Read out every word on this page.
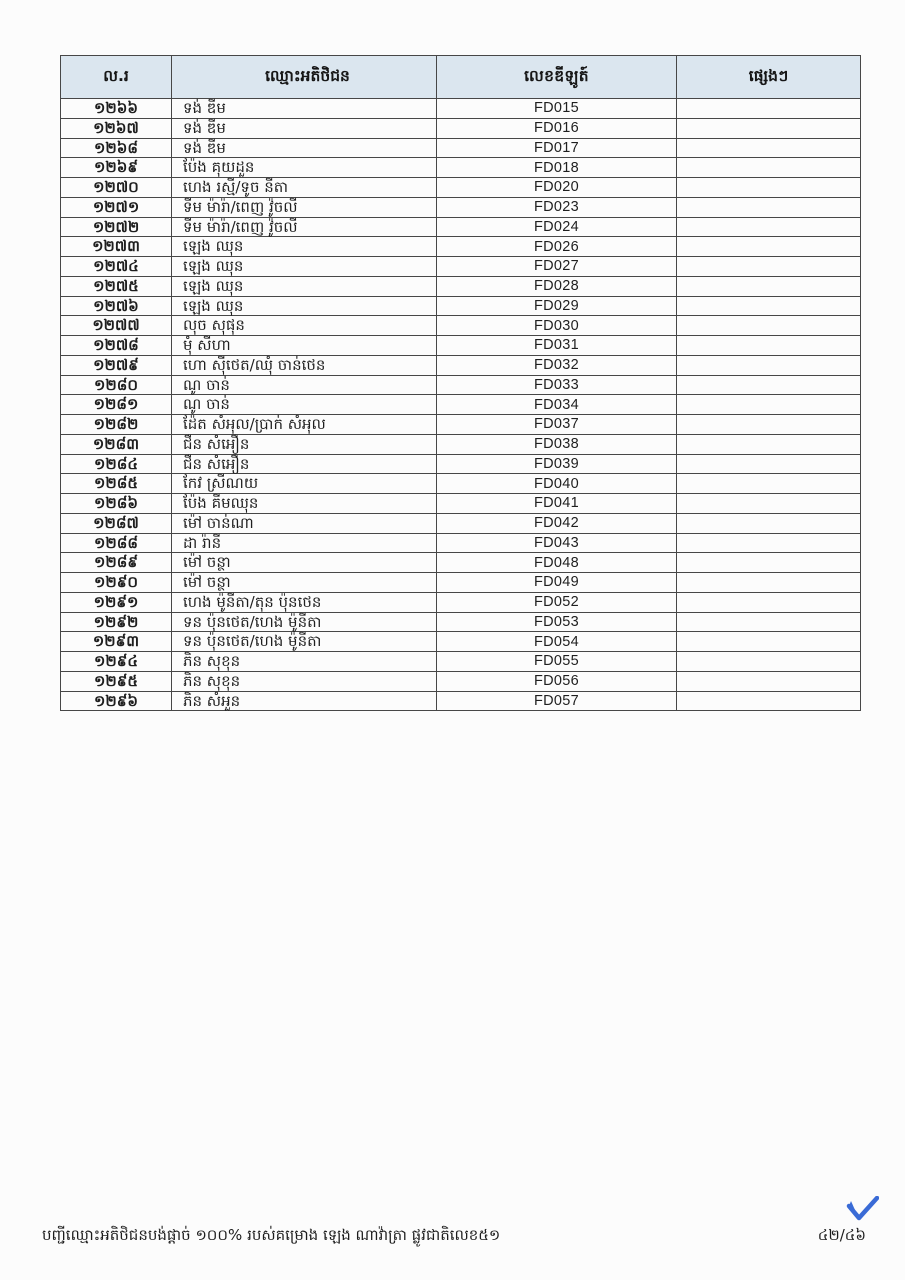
ល.រ	ឈ្មោះអតិថិជន	លេខឌីឡូត៍	ផ្សេងៗ
១២៦៦	ទង់ ឌីម	FD015	
១២៦៧	ទង់ ឌីម	FD016	
១២៦៨	ទង់ ឌីម	FD017	
១២៦៩	ប៉ែង គុយដួន	FD018	
១២៧០	ហេង រស្មី/ទូច នីតា	FD020	
១២៧១	ទីម ម៉ារ៉ា/ពេញ វ៉ូចលី	FD023	
១២៧២	ទីម ម៉ារ៉ា/ពេញ វ៉ូចលី	FD024	
១២៧៣	ឡេង ឈុន	FD026	
១២៧៤	ឡេង ឈុន	FD027	
១២៧៥	ឡេង ឈុន	FD028	
១២៧៦	ឡេង ឈុន	FD029	
១២៧៧	លុច សុផុន	FD030	
១២៧៨	មុំ សីហា	FD031	
១២៧៩	ហោ ស៊ីថេត/ឈុំ ចាន់ថេន	FD032	
១២៨០	ណូ ចាន់	FD033	
១២៨១	ណូ ចាន់	FD034	
១២៨២	ដ៉ែត សំអុល/ប្រាក់ សំអុល	FD037	
១២៨៣	ជឺន សំអឿន	FD038	
១២៨៤	ជឺន សំអឿន	FD039	
១២៨៥	កែវ ស្រីណយ	FD040	
១២៨៦	ប៉ែង គីមឈុន	FD041	
១២៨៧	ម៉ៅ ចាន់ណា	FD042	
១២៨៨	ដា រ៉ានី	FD043	
១២៨៩	ម៉ៅ ចន្ថា	FD048	
១២៩០	ម៉ៅ ចន្ថា	FD049	
១២៩១	ហេង ម៉ូនីតា/តុន ប៉ុនថេន	FD052	
១២៩២	ទន ប៉ុនថេត/ហេង ម៉ូនីតា	FD053	
១២៩៣	ទន ប៉ុនថេត/ហេង ម៉ូនីតា	FD054	
១២៩៤	ភិន សុខុន	FD055	
១២៩៥	ភិន សុខុន	FD056	
១២៩៦	ភិន សំអួន	FD057	
បញ្ជីឈ្មោះអតិថិជនបង់ផ្តាច់ ១០០% របស់គម្រោង ឡេង ណាវ៉ាត្រា ផ្លូវជាតិលេខ៥១	៤២/៤៦
